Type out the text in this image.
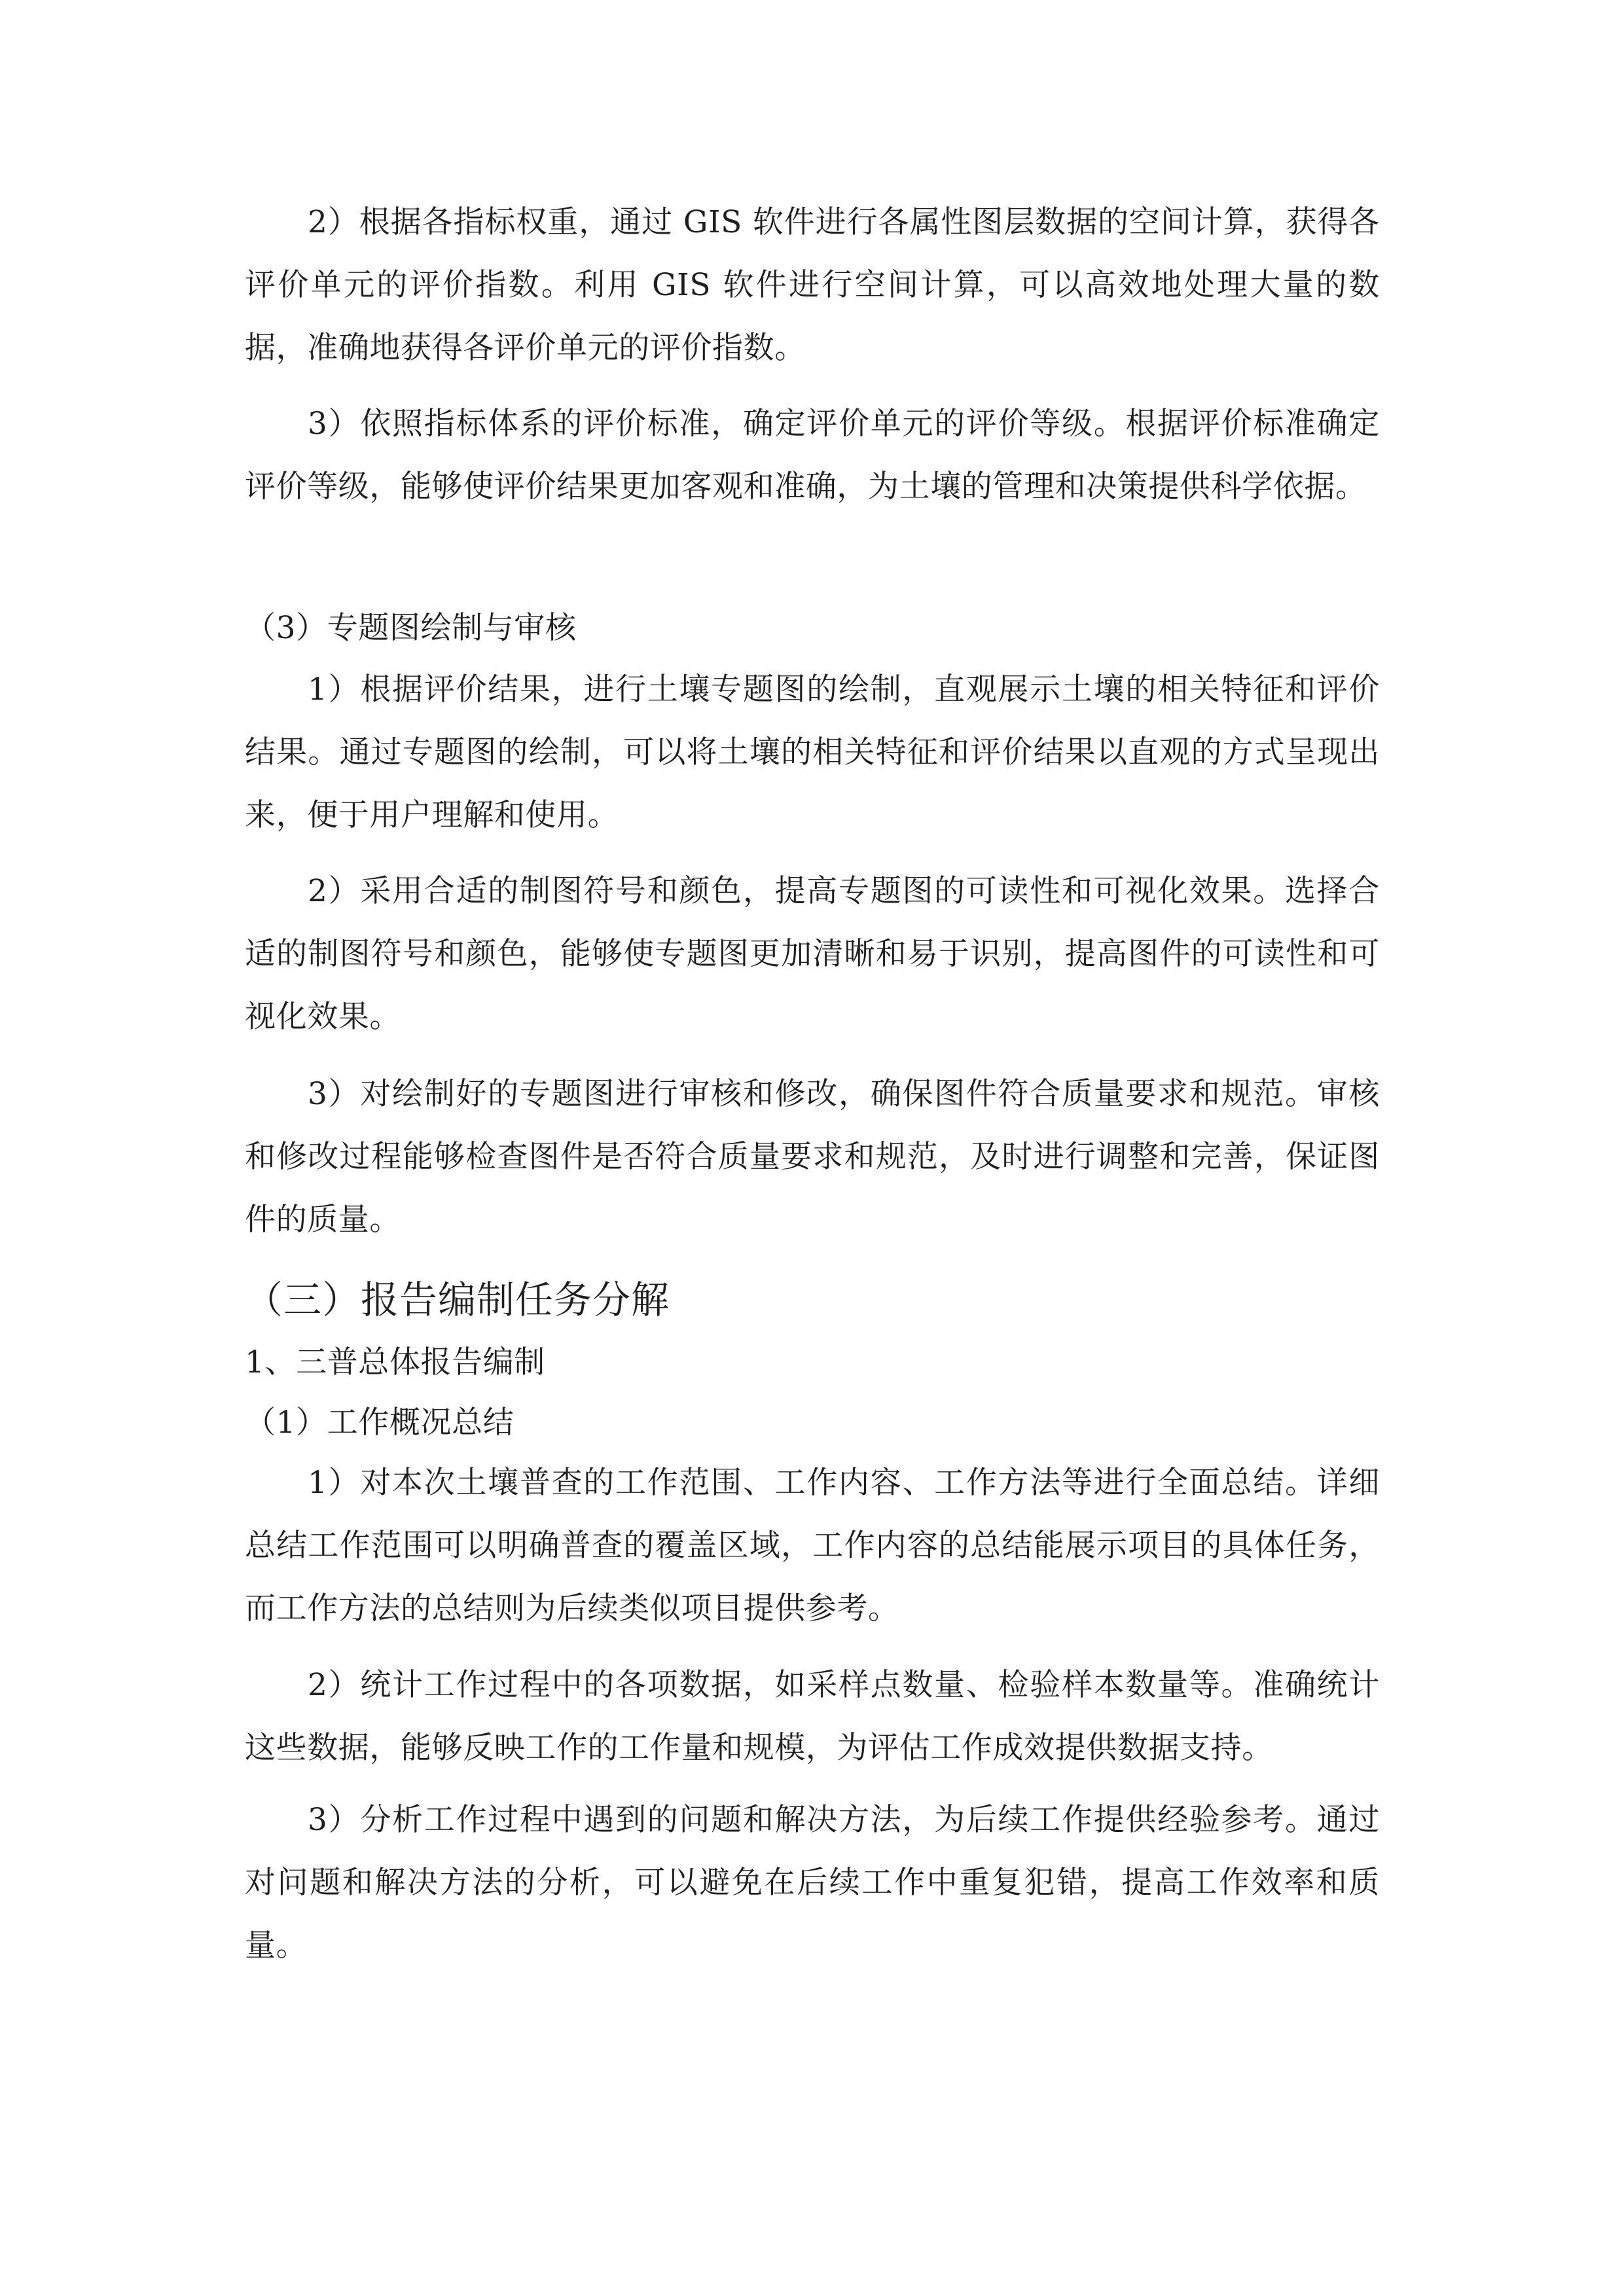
2）根据各指标权重，通过 GIS 软件进行各属性图层数据的空间计算，获得各评价单元的评价指数。利用 GIS 软件进行空间计算，可以高效地处理大量的数据，准确地获得各评价单元的评价指数。

3）依照指标体系的评价标准，确定评价单元的评价等级。根据评价标准确定评价等级，能够使评价结果更加客观和准确，为土壤的管理和决策提供科学依据。

（3）专题图绘制与审核

1）根据评价结果，进行土壤专题图的绘制，直观展示土壤的相关特征和评价结果。通过专题图的绘制，可以将土壤的相关特征和评价结果以直观的方式呈现出来，便于用户理解和使用。

2）采用合适的制图符号和颜色，提高专题图的可读性和可视化效果。选择合适的制图符号和颜色，能够使专题图更加清晰和易于识别，提高图件的可读性和可视化效果。

3）对绘制好的专题图进行审核和修改，确保图件符合质量要求和规范。审核和修改过程能够检查图件是否符合质量要求和规范，及时进行调整和完善，保证图件的质量。

（三）报告编制任务分解
1、三普总体报告编制
（1）工作概况总结

1）对本次土壤普查的工作范围、工作内容、工作方法等进行全面总结。详细总结工作范围可以明确普查的覆盖区域，工作内容的总结能展示项目的具体任务，而工作方法的总结则为后续类似项目提供参考。

2）统计工作过程中的各项数据，如采样点数量、检验样本数量等。准确统计这些数据，能够反映工作的工作量和规模，为评估工作成效提供数据支持。

3）分析工作过程中遇到的问题和解决方法，为后续工作提供经验参考。通过对问题和解决方法的分析，可以避免在后续工作中重复犯错，提高工作效率和质量。
